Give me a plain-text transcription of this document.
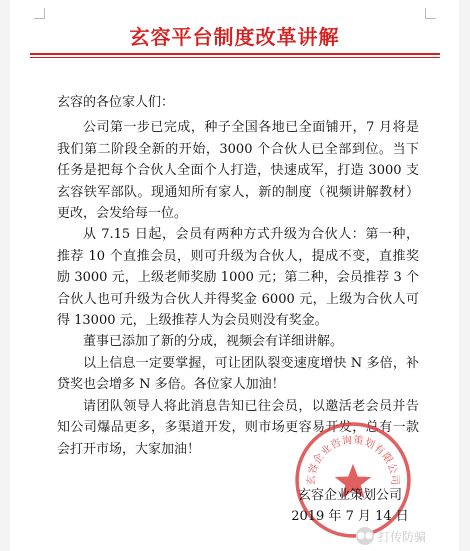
玄容平台制度改革讲解

玄容的各位家人们：

公司第一步已完成，种子全国各地已全面铺开，7 月将是我们第二阶段全新的开始，3000 个合伙人已全部到位。当下任务是把每个合伙人全面个人打造，快速成军，打造 3000 支玄容铁军部队。现通知所有家人，新的制度（视频讲解教材）更改，会发给每一位。

从 7.15 日起，会员有两种方式升级为合伙人：第一种，推荐 10 个直推会员，则可升级为合伙人，提成不变，直推奖励 3000 元，上级老师奖励 1000 元；第二种，会员推荐 3 个合伙人也可升级为合伙人并得奖金 6000 元，上级为合伙人可得 13000 元，上级推荐人为会员则没有奖金。

董事已添加了新的分成，视频会有详细讲解。

以上信息一定要掌握，可让团队裂变速度增快 N 多倍，补贷奖也会增多 N 多倍。各位家人加油！

请团队领导人将此消息告知已往会员，以邀活老会员并告知公司爆品更多，多渠道开发，则市场更容易开发，总有一款会打开市场，大家加油！

玄容企业咨询策划有限公司
玄容企业策划公司
2019 年 7 月 14 日
●● 打传防骗
